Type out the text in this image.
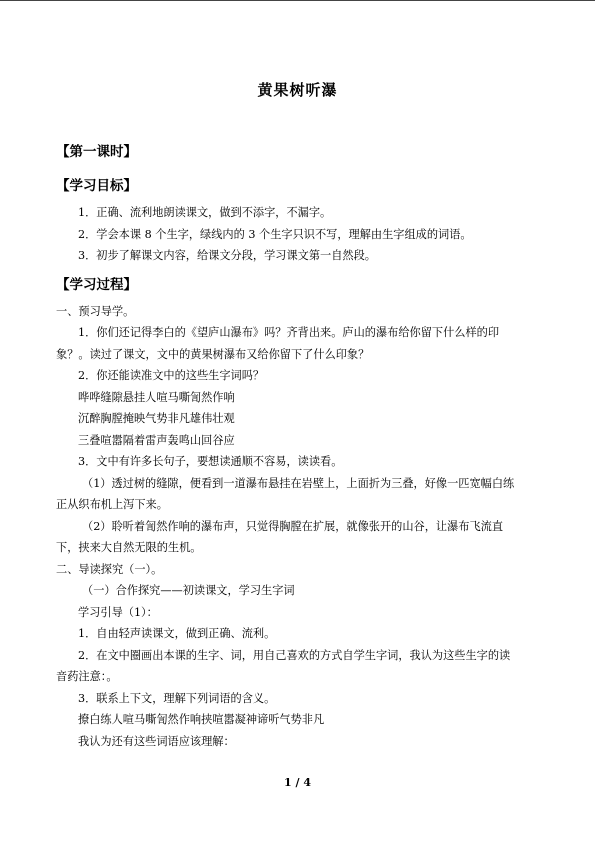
黄果树听瀑
【第一课时】
【学习目标】
1．正确、流利地朗读课文，做到不添字，不漏字。
2．学会本课 8 个生字，绿线内的 3 个生字只识不写，理解由生字组成的词语。
3．初步了解课文内容，给课文分段，学习课文第一自然段。
【学习过程】
一、预习导学。
1．你们还记得李白的《望庐山瀑布》吗？齐背出来。庐山的瀑布给你留下什么样的印
象？。读过了课文，文中的黄果树瀑布又给你留下了什么印象？
2．你还能读准文中的这些生字词吗？
哗哗缝隙悬挂人喧马嘶訇然作响
沉醉胸膛掩映气势非凡雄伟壮观
三叠喧嚣隔着雷声轰鸣山回谷应
3．文中有许多长句子，要想读通顺不容易，读读看。
（1）透过树的缝隙，便看到一道瀑布悬挂在岩壁上，上面折为三叠，好像一匹宽幅白练
正从织布机上泻下来。
（2）聆听着訇然作响的瀑布声，只觉得胸膛在扩展，就像张开的山谷，让瀑布飞流直
下，挟来大自然无限的生机。
二、导读探究（一）。
（一）合作探究——初读课文，学习生字词
学习引导（1）：
1．自由轻声读课文，做到正确、流利。
2．在文中圈画出本课的生字、词，用自己喜欢的方式自学生字词，我认为这些生字的读
音药注意：。
3．联系上下文，理解下列词语的含义。
撩白练人喧马嘶訇然作响挟喧嚣凝神谛听气势非凡
我认为还有这些词语应该理解：
1 / 4
